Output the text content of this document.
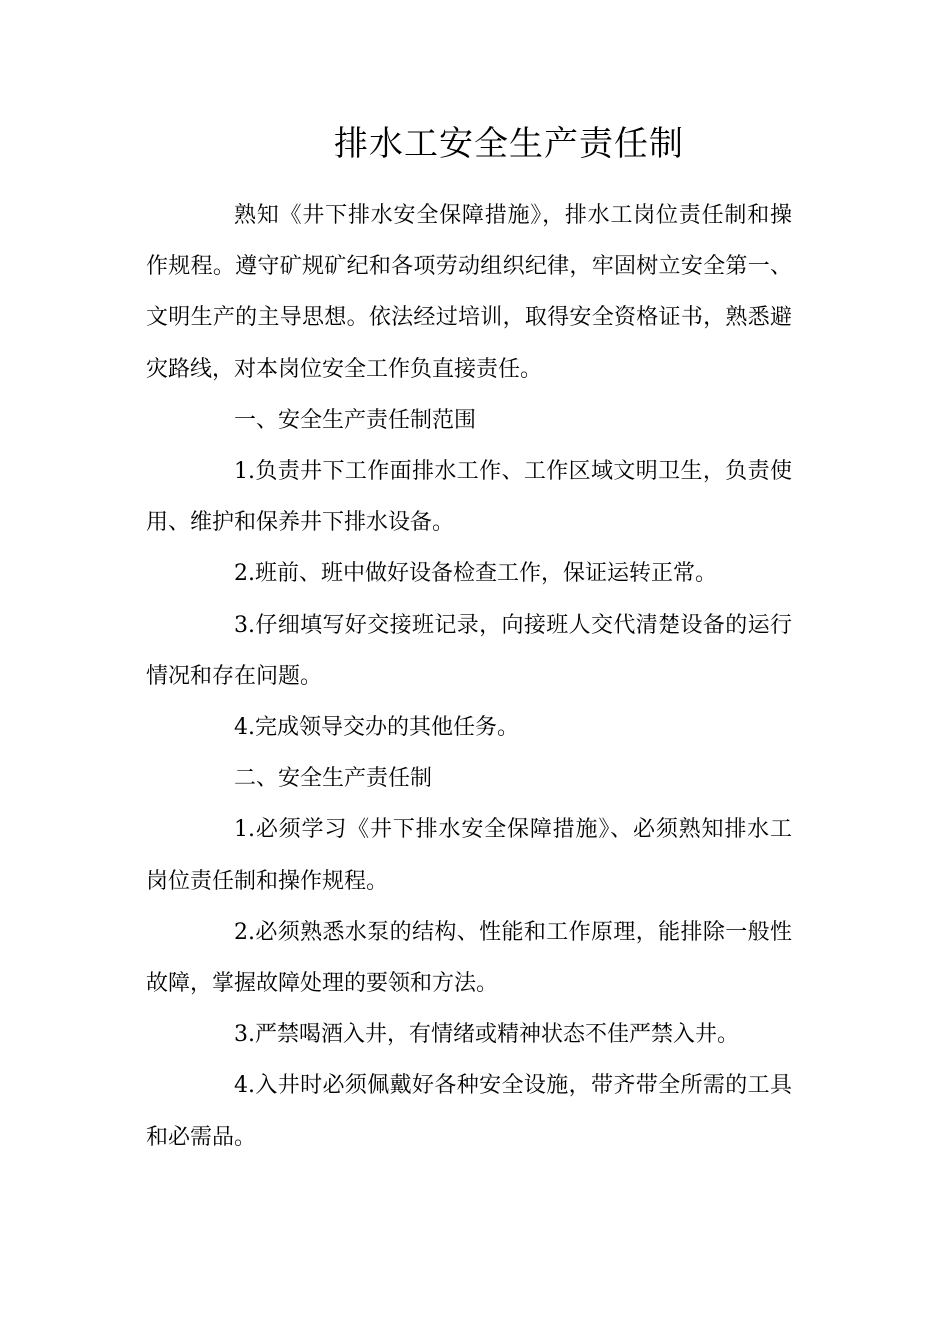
排水工安全生产责任制

熟知《井下排水安全保障措施》，排水工岗位责任制和操作规程。遵守矿规矿纪和各项劳动组织纪律，牢固树立安全第一、文明生产的主导思想。依法经过培训，取得安全资格证书，熟悉避灾路线，对本岗位安全工作负直接责任。

一、安全生产责任制范围

1.负责井下工作面排水工作、工作区域文明卫生，负责使用、维护和保养井下排水设备。

2.班前、班中做好设备检查工作，保证运转正常。

3.仔细填写好交接班记录，向接班人交代清楚设备的运行情况和存在问题。

4.完成领导交办的其他任务。

二、安全生产责任制

1.必须学习《井下排水安全保障措施》、必须熟知排水工岗位责任制和操作规程。

2.必须熟悉水泵的结构、性能和工作原理，能排除一般性故障，掌握故障处理的要领和方法。

3.严禁喝酒入井，有情绪或精神状态不佳严禁入井。

4.入井时必须佩戴好各种安全设施，带齐带全所需的工具和必需品。
